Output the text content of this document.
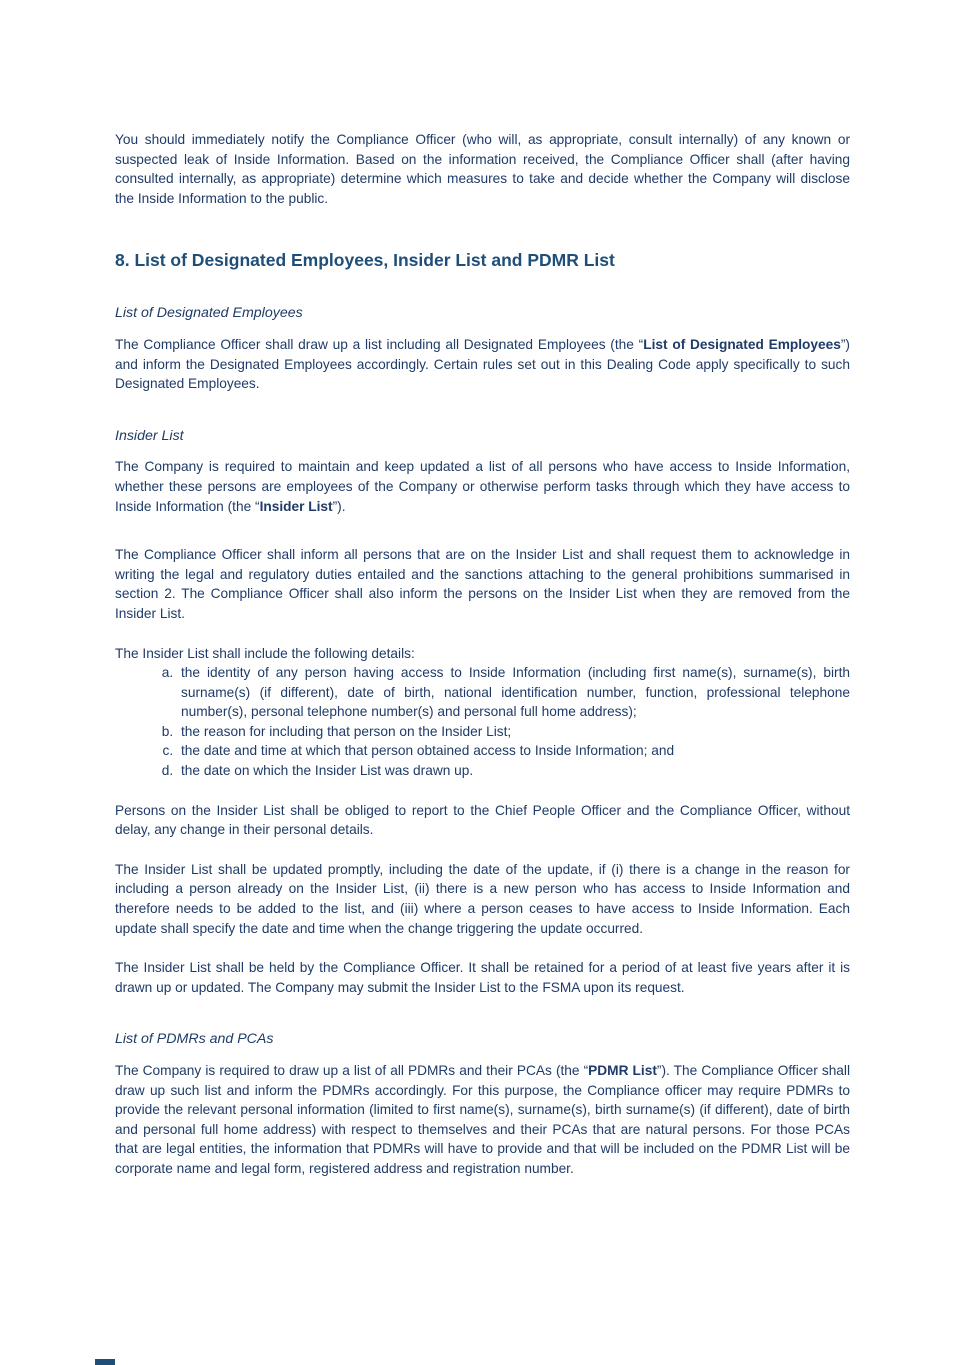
You should immediately notify the Compliance Officer (who will, as appropriate, consult internally) of any known or suspected leak of Inside Information. Based on the information received, the Compliance Officer shall (after having consulted internally, as appropriate) determine which measures to take and decide whether the Company will disclose the Inside Information to the public.

8. List of Designated Employees, Insider List and PDMR List
List of Designated Employees

The Compliance Officer shall draw up a list including all Designated Employees (the “List of Designated Employees”) and inform the Designated Employees accordingly. Certain rules set out in this Dealing Code apply specifically to such Designated Employees.

Insider List

The Company is required to maintain and keep updated a list of all persons who have access to Inside Information, whether these persons are employees of the Company or otherwise perform tasks through which they have access to Inside Information (the “Insider List”).

The Compliance Officer shall inform all persons that are on the Insider List and shall request them to acknowledge in writing the legal and regulatory duties entailed and the sanctions attaching to the general prohibitions summarised in section 2. The Compliance Officer shall also inform the persons on the Insider List when they are removed from the Insider List.

The Insider List shall include the following details:

a. the identity of any person having access to Inside Information (including first name(s), surname(s), birth surname(s) (if different), date of birth, national identification number, function, professional telephone number(s), personal telephone number(s) and personal full home address);
b. the reason for including that person on the Insider List;
c. the date and time at which that person obtained access to Inside Information; and
d. the date on which the Insider List was drawn up.

Persons on the Insider List shall be obliged to report to the Chief People Officer and the Compliance Officer, without delay, any change in their personal details.

The Insider List shall be updated promptly, including the date of the update, if (i) there is a change in the reason for including a person already on the Insider List, (ii) there is a new person who has access to Inside Information and therefore needs to be added to the list, and (iii) where a person ceases to have access to Inside Information. Each update shall specify the date and time when the change triggering the update occurred.

The Insider List shall be held by the Compliance Officer. It shall be retained for a period of at least five years after it is drawn up or updated. The Company may submit the Insider List to the FSMA upon its request.

List of PDMRs and PCAs

The Company is required to draw up a list of all PDMRs and their PCAs (the “PDMR List”). The Compliance Officer shall draw up such list and inform the PDMRs accordingly. For this purpose, the Compliance officer may require PDMRs to provide the relevant personal information (limited to first name(s), surname(s), birth surname(s) (if different), date of birth and personal full home address) with respect to themselves and their PCAs that are natural persons. For those PCAs that are legal entities, the information that PDMRs will have to provide and that will be included on the PDMR List will be corporate name and legal form, registered address and registration number.
